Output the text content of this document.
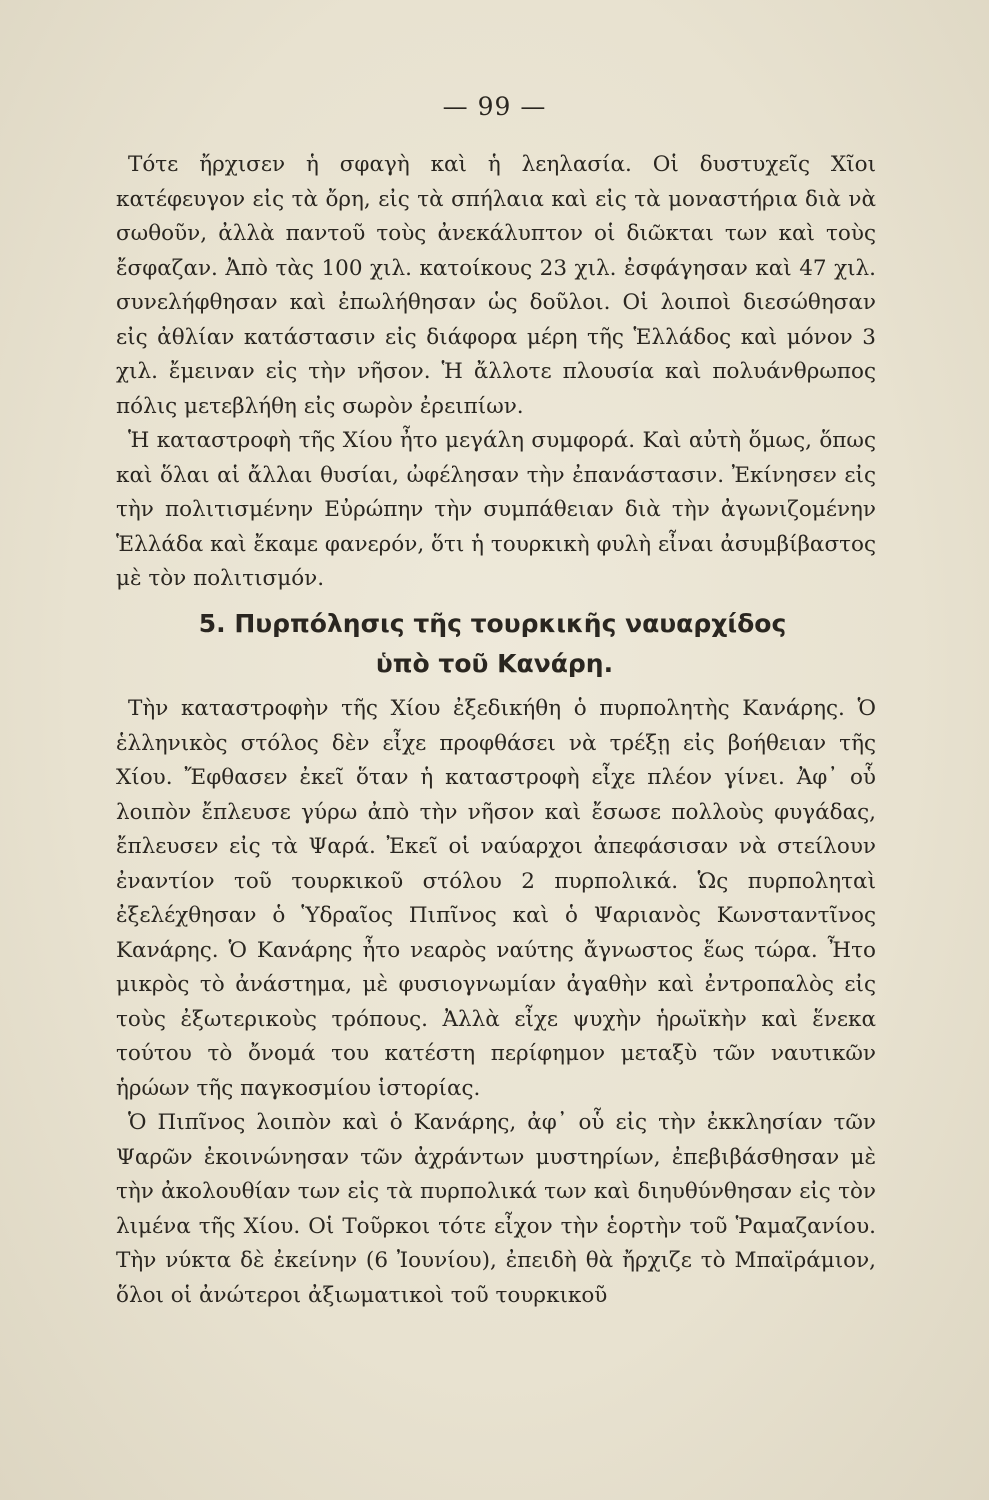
— 99 —

Τότε ἤρχισεν ἡ σφαγὴ καὶ ἡ λεηλασία. Οἱ δυστυχεῖς Χῖοι κατέφευγον εἰς τὰ ὄρη, εἰς τὰ σπήλαια καὶ εἰς τὰ μοναστήρια διὰ νὰ σωθοῦν, ἀλλὰ παντοῦ τοὺς ἀνεκάλυπτον οἱ διῶκται των καὶ τοὺς ἔσφαζαν. Ἀπὸ τὰς 100 χιλ. κατοίκους 23 χιλ. ἐσφάγησαν καὶ 47 χιλ. συνελήφθησαν καὶ ἐπωλήθησαν ὡς δοῦλοι. Οἱ λοιποὶ διεσώθησαν εἰς ἀθλίαν κατάστασιν εἰς διάφορα μέρη τῆς Ἑλλάδος καὶ μόνον 3 χιλ. ἔμειναν εἰς τὴν νῆσον. Ἡ ἄλλοτε πλουσία καὶ πολυάνθρωπος πόλις μετεβλήθη εἰς σωρὸν ἐρειπίων.

Ἡ καταστροφὴ τῆς Χίου ἦτο μεγάλη συμφορά. Καὶ αὐτὴ ὅμως, ὅπως καὶ ὅλαι αἱ ἄλλαι θυσίαι, ὠφέλησαν τὴν ἐπανάστασιν. Ἐκίνησεν εἰς τὴν πολιτισμένην Εὐρώπην τὴν συμπάθειαν διὰ τὴν ἀγωνιζομένην Ἑλλάδα καὶ ἔκαμε φανερόν, ὅτι ἡ τουρκικὴ φυλὴ εἶναι ἀσυμβίβαστος μὲ τὸν πολιτισμόν.

5. Πυρπόλησις τῆς τουρκικῆς ναυαρχίδος
ὑπὸ τοῦ Κανάρη.

Τὴν καταστροφὴν τῆς Χίου ἐξεδικήθη ὁ πυρπολητὴς Κανάρης. Ὁ ἑλληνικὸς στόλος δὲν εἶχε προφθάσει νὰ τρέξῃ εἰς βοήθειαν τῆς Χίου. Ἔφθασεν ἐκεῖ ὅταν ἡ καταστροφὴ εἶχε πλέον γίνει. Ἀφ᾽ οὗ λοιπὸν ἔπλευσε γύρω ἀπὸ τὴν νῆσον καὶ ἔσωσε πολλοὺς φυγάδας, ἔπλευσεν εἰς τὰ Ψαρά. Ἐκεῖ οἱ ναύαρχοι ἀπεφάσισαν νὰ στείλουν ἐναντίον τοῦ τουρκικοῦ στόλου 2 πυρπολικά. Ὡς πυρποληταὶ ἐξελέχθησαν ὁ Ὑδραῖος Πιπῖνος καὶ ὁ Ψαριανὸς Κωνσταντῖνος Κανάρης. Ὁ Κανάρης ἦτο νεαρὸς ναύτης ἄγνωστος ἕως τώρα. Ἦτο μικρὸς τὸ ἀνάστημα, μὲ φυσιογνωμίαν ἀγαθὴν καὶ ἐντροπαλὸς εἰς τοὺς ἐξωτερικοὺς τρόπους. Ἀλλὰ εἶχε ψυχὴν ἡρωϊκὴν καὶ ἕνεκα τούτου τὸ ὄνομά του κατέστη περίφημον μεταξὺ τῶν ναυτικῶν ἡρώων τῆς παγκοσμίου ἱστορίας.

Ὁ Πιπῖνος λοιπὸν καὶ ὁ Κανάρης, ἀφ᾽ οὗ εἰς τὴν ἐκκλησίαν τῶν Ψαρῶν ἐκοινώνησαν τῶν ἀχράντων μυστηρίων, ἐπεβιβάσθησαν μὲ τὴν ἀκολουθίαν των εἰς τὰ πυρπολικά των καὶ διηυθύνθησαν εἰς τὸν λιμένα τῆς Χίου. Οἱ Τοῦρκοι τότε εἶχον τὴν ἑορτὴν τοῦ Ῥαμαζανίου. Τὴν νύκτα δὲ ἐκείνην (6 Ἰουνίου), ἐπειδὴ θὰ ἤρχιζε τὸ Μπαϊράμιον, ὅλοι οἱ ἀνώτεροι ἀξιωματικοὶ τοῦ τουρκικοῦ
